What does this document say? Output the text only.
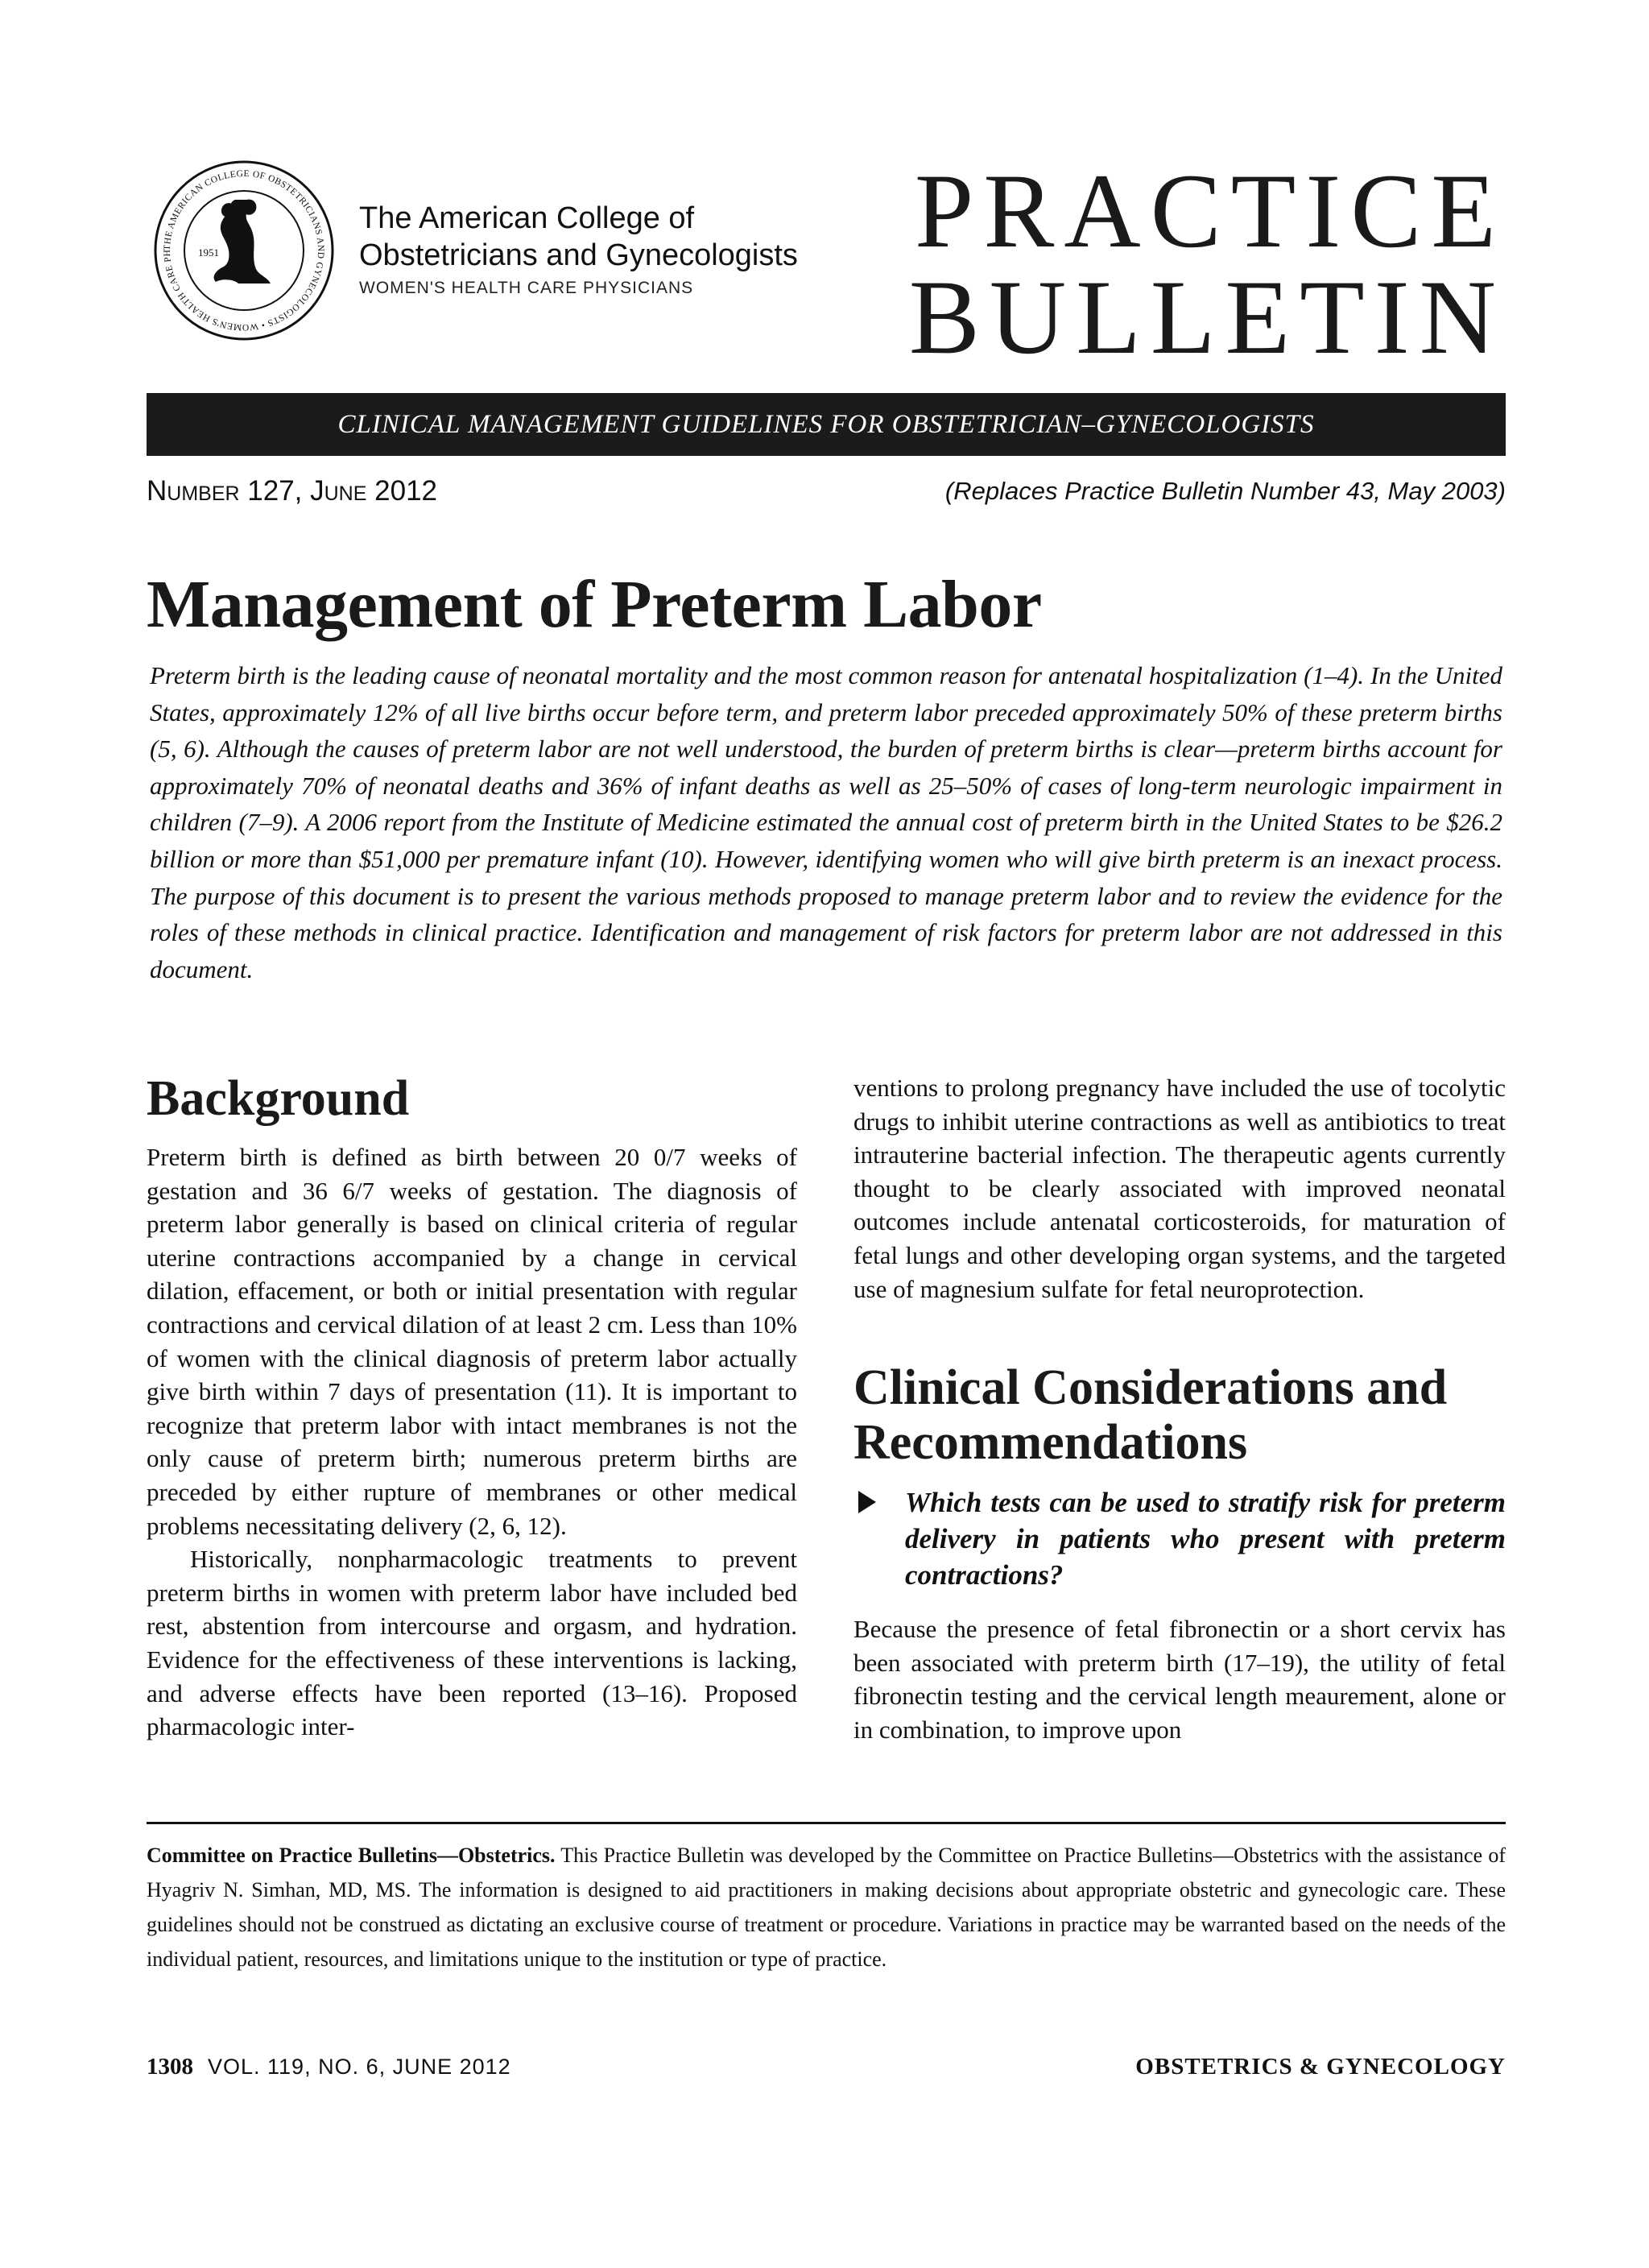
THE AMERICAN COLLEGE OF OBSTETRICIANS AND GYNECOLOGISTS • WOMEN'S HEALTH CARE PH	1951
The American College of
Obstetricians and Gynecologists
WOMEN'S HEALTH CARE PHYSICIANS
PRACTICE
BULLETIN
CLINICAL MANAGEMENT GUIDELINES FOR OBSTETRICIAN–GYNECOLOGISTS
Number 127, June 2012	(Replaces Practice Bulletin Number 43, May 2003)
Management of Preterm Labor
Preterm birth is the leading cause of neonatal mortality and the most common reason for antenatal hospitalization (1–4). In the United States, approximately 12% of all live births occur before term, and preterm labor preceded approximately 50% of these preterm births (5, 6). Although the causes of preterm labor are not well understood, the burden of preterm births is clear—preterm births account for approximately 70% of neonatal deaths and 36% of infant deaths as well as 25–50% of cases of long-term neurologic impairment in children (7–9). A 2006 report from the Institute of Medicine estimated the annual cost of preterm birth in the United States to be $26.2 billion or more than $51,000 per premature infant (10). However, identifying women who will give birth preterm is an inexact process. The purpose of this document is to present the various methods proposed to manage preterm labor and to review the evidence for the roles of these methods in clinical practice. Identification and management of risk factors for preterm labor are not addressed in this document.
Background

Preterm birth is defined as birth between 20 0/7 weeks of gestation and 36 6/7 weeks of gestation. The diagnosis of preterm labor generally is based on clinical criteria of regular uterine contractions accompanied by a change in cervical dilation, effacement, or both or initial presentation with regular contractions and cervical dilation of at least 2 cm. Less than 10% of women with the clinical diagnosis of preterm labor actually give birth within 7 days of presentation (11). It is important to recognize that preterm labor with intact membranes is not the only cause of preterm birth; numerous preterm births are preceded by either rupture of membranes or other medical problems necessitating delivery (2, 6, 12).

Historically, nonpharmacologic treatments to prevent preterm births in women with preterm labor have included bed rest, abstention from intercourse and orgasm, and hydration. Evidence for the effectiveness of these interventions is lacking, and adverse effects have been reported (13–16). Proposed pharmacologic inter-

ventions to prolong pregnancy have included the use of tocolytic drugs to inhibit uterine contractions as well as antibiotics to treat intrauterine bacterial infection. The therapeutic agents currently thought to be clearly associated with improved neonatal outcomes include antenatal corticosteroids, for maturation of fetal lungs and other developing organ systems, and the targeted use of magnesium sulfate for fetal neuroprotection.

Clinical Considerations and
Recommendations
Which tests can be used to stratify risk for preterm delivery in patients who present with preterm contractions?

Because the presence of fetal fibronectin or a short cervix has been associated with preterm birth (17–19), the utility of fetal fibronectin testing and the cervical length meaurement, alone or in combination, to improve upon

Committee on Practice Bulletins—Obstetrics. This Practice Bulletin was developed by the Committee on Practice Bulletins—Obstetrics with the assistance of Hyagriv N. Simhan, MD, MS. The information is designed to aid practitioners in making decisions about appropriate obstetric and gynecologic care. These guidelines should not be construed as dictating an exclusive course of treatment or procedure. Variations in practice may be warranted based on the needs of the individual patient, resources, and limitations unique to the institution or type of practice.
1308 VOL. 119, NO. 6, JUNE 2012	OBSTETRICS & GYNECOLOGY
